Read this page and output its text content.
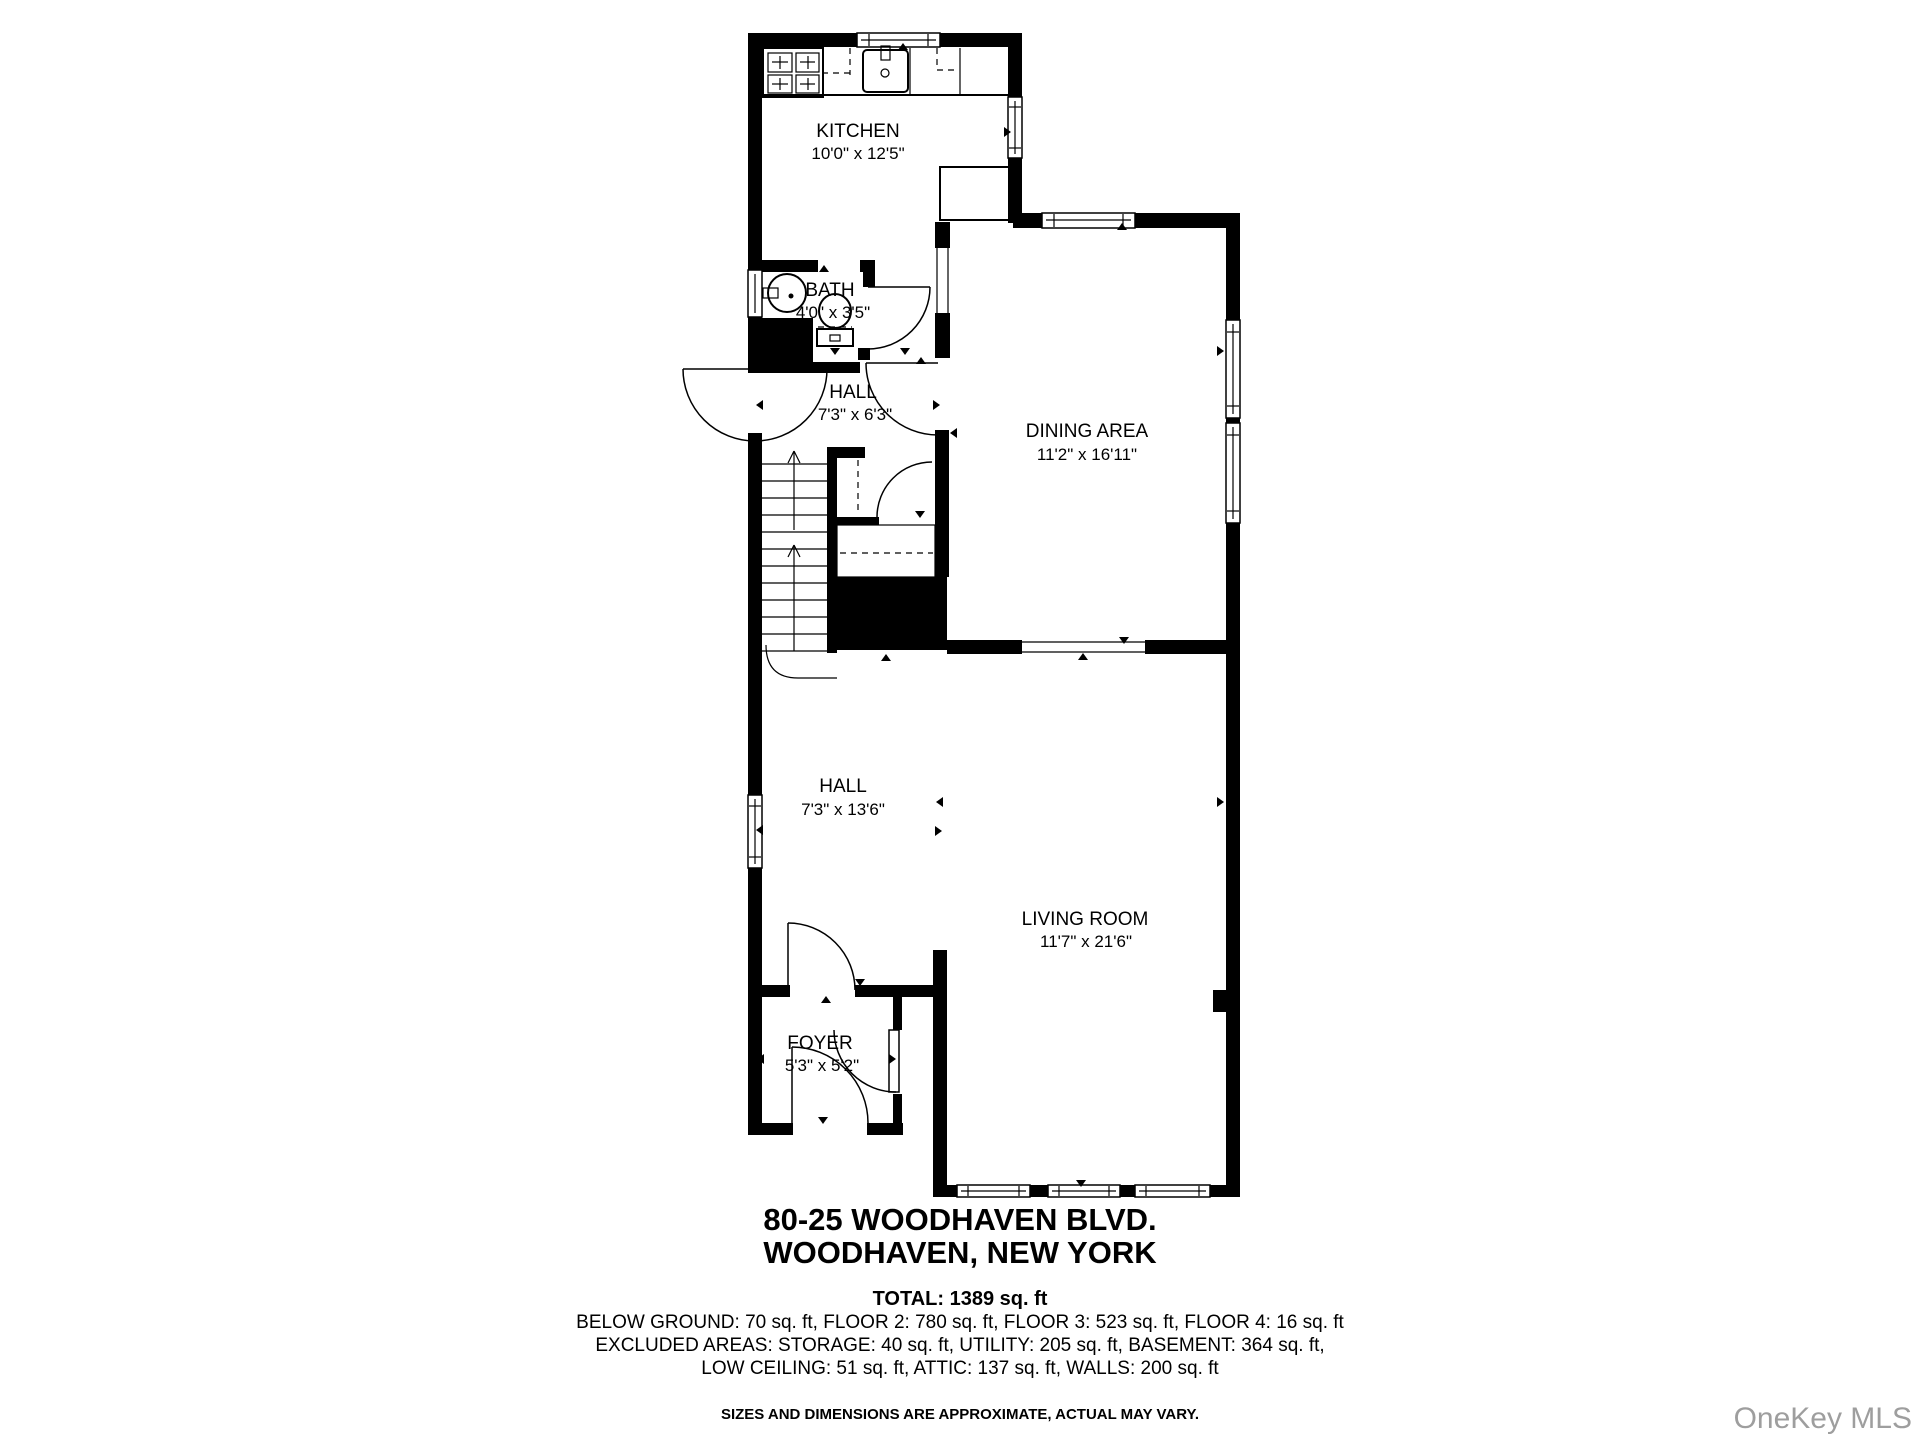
KITCHEN
10'0" x 12'5"
BATH
4'0" x 3'5"
HALL
7'3" x 6'3"
DINING AREA
11'2" x 16'11"
HALL
7'3" x 13'6"
LIVING ROOM
11'7" x 21'6"
FOYER
5'3" x 5'2"
80-25 WOODHAVEN BLVD.
WOODHAVEN, NEW YORK
TOTAL: 1389 sq. ft
BELOW GROUND: 70 sq. ft, FLOOR 2: 780 sq. ft, FLOOR 3: 523 sq. ft, FLOOR 4: 16 sq. ft
EXCLUDED AREAS: STORAGE: 40 sq. ft, UTILITY: 205 sq. ft, BASEMENT: 364 sq. ft,
LOW CEILING: 51 sq. ft, ATTIC: 137 sq. ft, WALLS: 200 sq. ft
SIZES AND DIMENSIONS ARE APPROXIMATE, ACTUAL MAY VARY.	OneKey MLS
